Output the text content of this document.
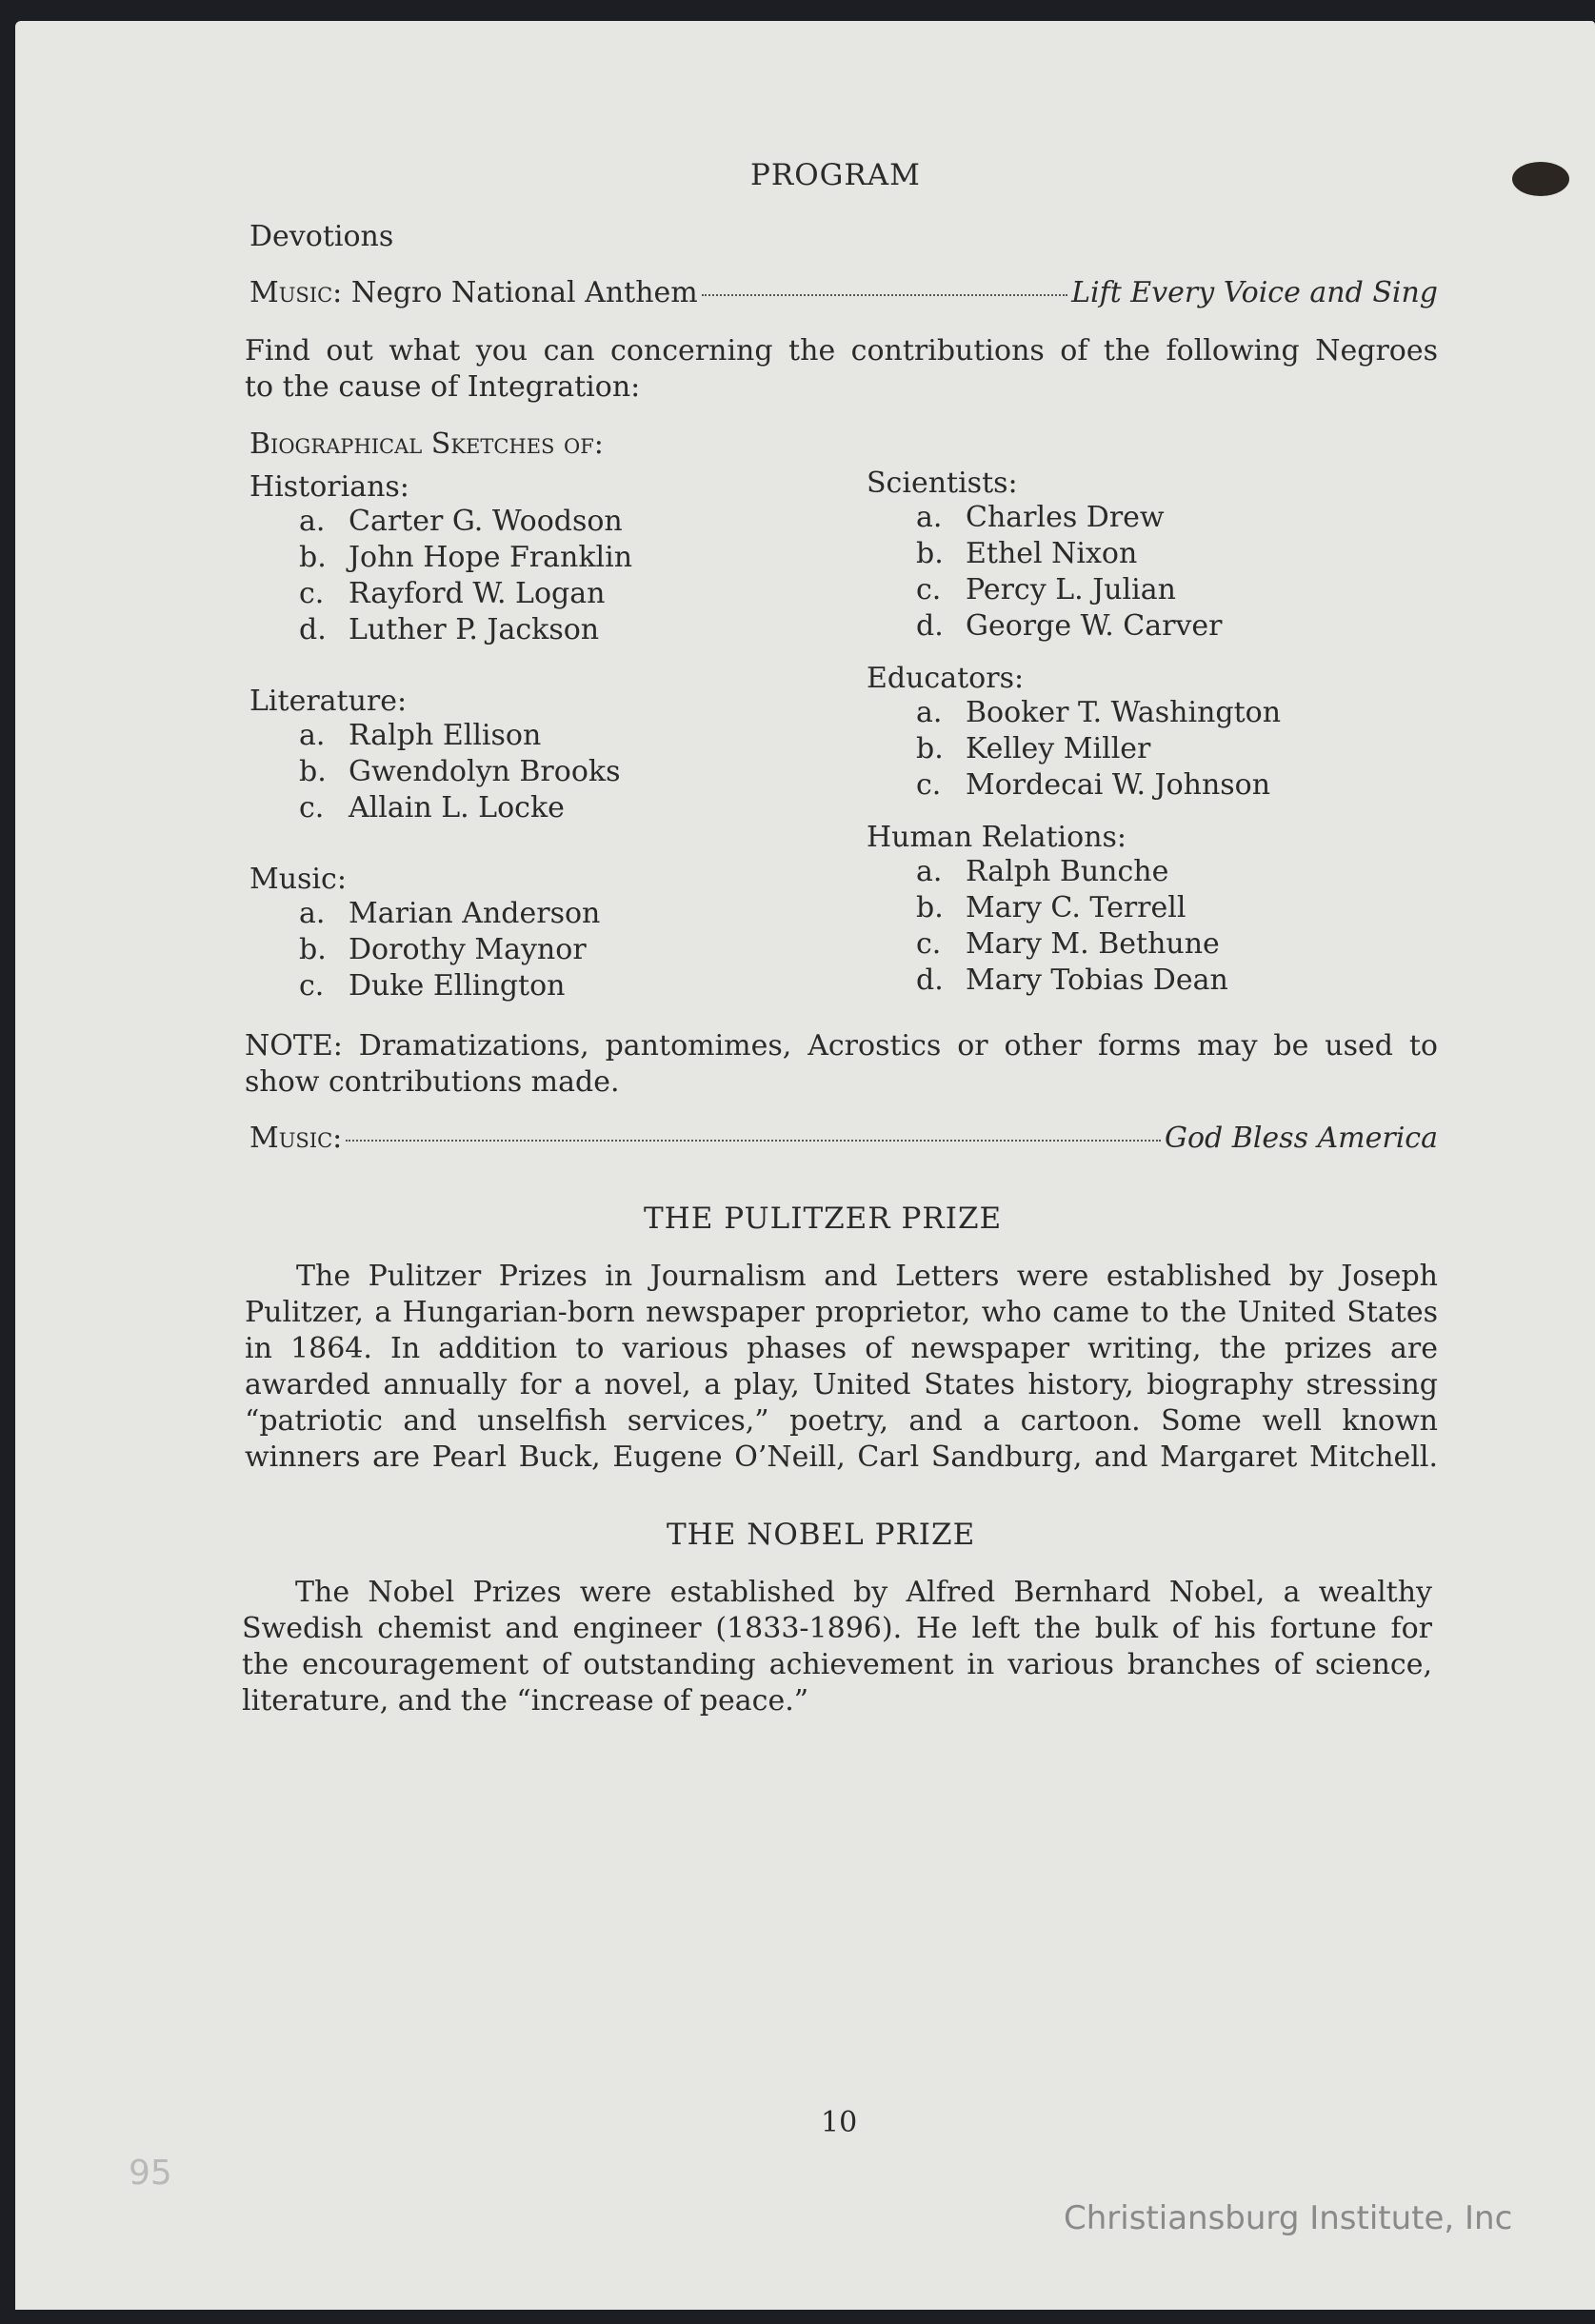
PROGRAM
Devotions
Music : Negro National Anthem	Lift Every Voice and Sing

Find out what you can concerning the contributions of the following Negroes

to the cause of Integration:

Biographical Sketches of:
Historians:
a. Carter G. Woodson
b. John Hope Franklin
c. Rayford W. Logan
d. Luther P. Jackson
Literature:
a. Ralph Ellison
b. Gwendolyn Brooks
c. Allain L. Locke
Music:
a. Marian Anderson
b. Dorothy Maynor
c. Duke Ellington
Scientists:
a. Charles Drew
b. Ethel Nixon
c. Percy L. Julian
d. George W. Carver
Educators:
a. Booker T. Washington
b. Kelley Miller
c. Mordecai W. Johnson
Human Relations:
a. Ralph Bunche
b. Mary C. Terrell
c. Mary M. Bethune
d. Mary Tobias Dean

NOTE: Dramatizations, pantomimes, Acrostics or other forms may be used to

show contributions made.

Music:	God Bless America
THE PULITZER PRIZE

The Pulitzer Prizes in Journalism and Letters were established by Joseph

Pulitzer, a Hungarian-born newspaper proprietor, who came to the United States

in 1864. In addition to various phases of newspaper writing, the prizes are

awarded annually for a novel, a play, United States history, biography stressing

“patriotic and unselfish services,” poetry, and a cartoon. Some well known

winners are Pearl Buck, Eugene O’Neill, Carl Sandburg, and Margaret Mitchell.

THE NOBEL PRIZE

The Nobel Prizes were established by Alfred Bernhard Nobel, a wealthy

Swedish chemist and engineer (1833-1896). He left the bulk of his fortune for

the encouragement of outstanding achievement in various branches of science,

literature, and the “increase of peace.”

10
95
Christiansburg Institute, Inc
